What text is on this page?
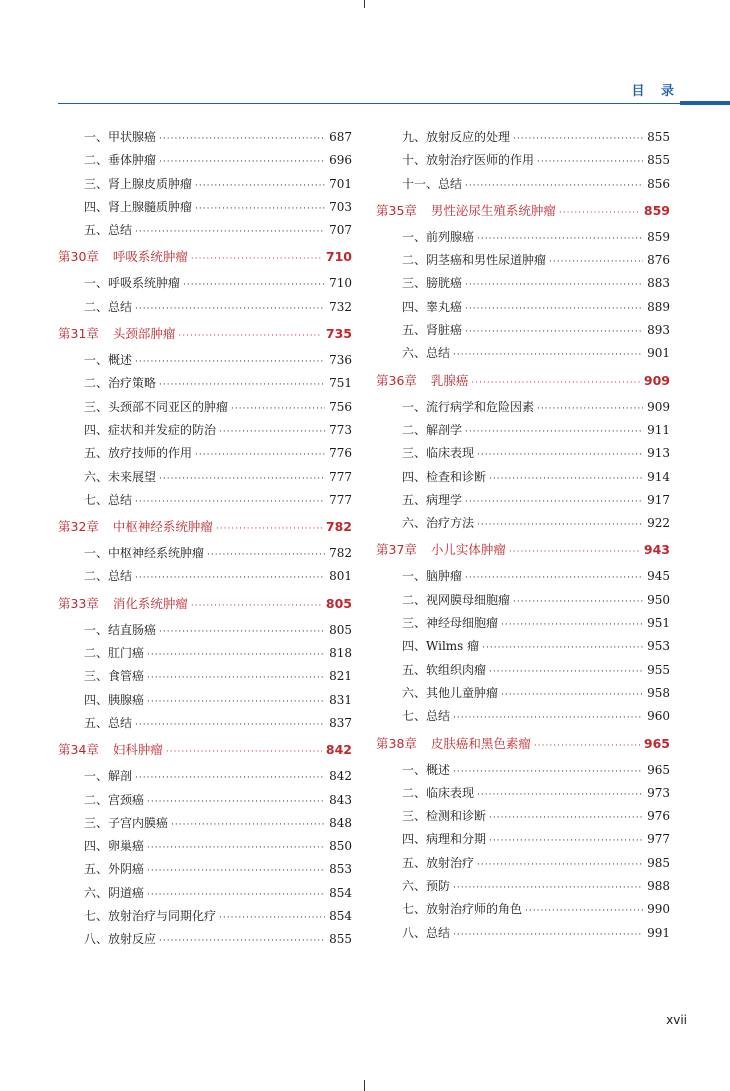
目 录
一、甲状腺癌 ·····	687
二、垂体肿瘤 ·····	696
三、肾上腺皮质肿瘤 ·····	701
四、肾上腺髓质肿瘤 ·····	703
五、总结 ·····	707
第30章 呼吸系统肿瘤 ·····	710
一、呼吸系统肿瘤 ·····	710
二、总结 ·····	732
第31章 头颈部肿瘤 ·····	735
一、概述 ·····	736
二、治疗策略 ·····	751
三、头颈部不同亚区的肿瘤 ·····	756
四、症状和并发症的防治 ·····	773
五、放疗技师的作用 ·····	776
六、未来展望 ·····	777
七、总结 ·····	777
第32章 中枢神经系统肿瘤 ·····	782
一、中枢神经系统肿瘤 ·····	782
二、总结 ·····	801
第33章 消化系统肿瘤 ·····	805
一、结直肠癌 ·····	805
二、肛门癌 ·····	818
三、食管癌 ·····	821
四、胰腺癌 ·····	831
五、总结 ·····	837
第34章 妇科肿瘤 ·····	842
一、解剖 ·····	842
二、宫颈癌 ·····	843
三、子宫内膜癌 ·····	848
四、卵巢癌 ·····	850
五、外阴癌 ·····	853
六、阴道癌 ·····	854
七、放射治疗与同期化疗 ·····	854
八、放射反应 ·····	855
九、放射反应的处理 ·····	855
十、放射治疗医师的作用 ·····	855
十一、总结 ·····	856
第35章 男性泌尿生殖系统肿瘤 ·····	859
一、前列腺癌 ·····	859
二、阴茎癌和男性尿道肿瘤 ·····	876
三、膀胱癌 ·····	883
四、睾丸癌 ·····	889
五、肾脏癌 ·····	893
六、总结 ·····	901
第36章 乳腺癌 ·····	909
一、流行病学和危险因素 ·····	909
二、解剖学 ·····	911
三、临床表现 ·····	913
四、检查和诊断 ·····	914
五、病理学 ·····	917
六、治疗方法 ·····	922
第37章 小儿实体肿瘤 ·····	943
一、脑肿瘤 ·····	945
二、视网膜母细胞瘤 ·····	950
三、神经母细胞瘤 ·····	951
四、Wilms 瘤 ·····	953
五、软组织肉瘤 ·····	955
六、其他儿童肿瘤 ·····	958
七、总结 ·····	960
第38章 皮肤癌和黑色素瘤 ·····	965
一、概述 ·····	965
二、临床表现 ·····	973
三、检测和诊断 ·····	976
四、病理和分期 ·····	977
五、放射治疗 ·····	985
六、预防 ·····	988
七、放射治疗师的角色 ·····	990
八、总结 ·····	991
xvii
